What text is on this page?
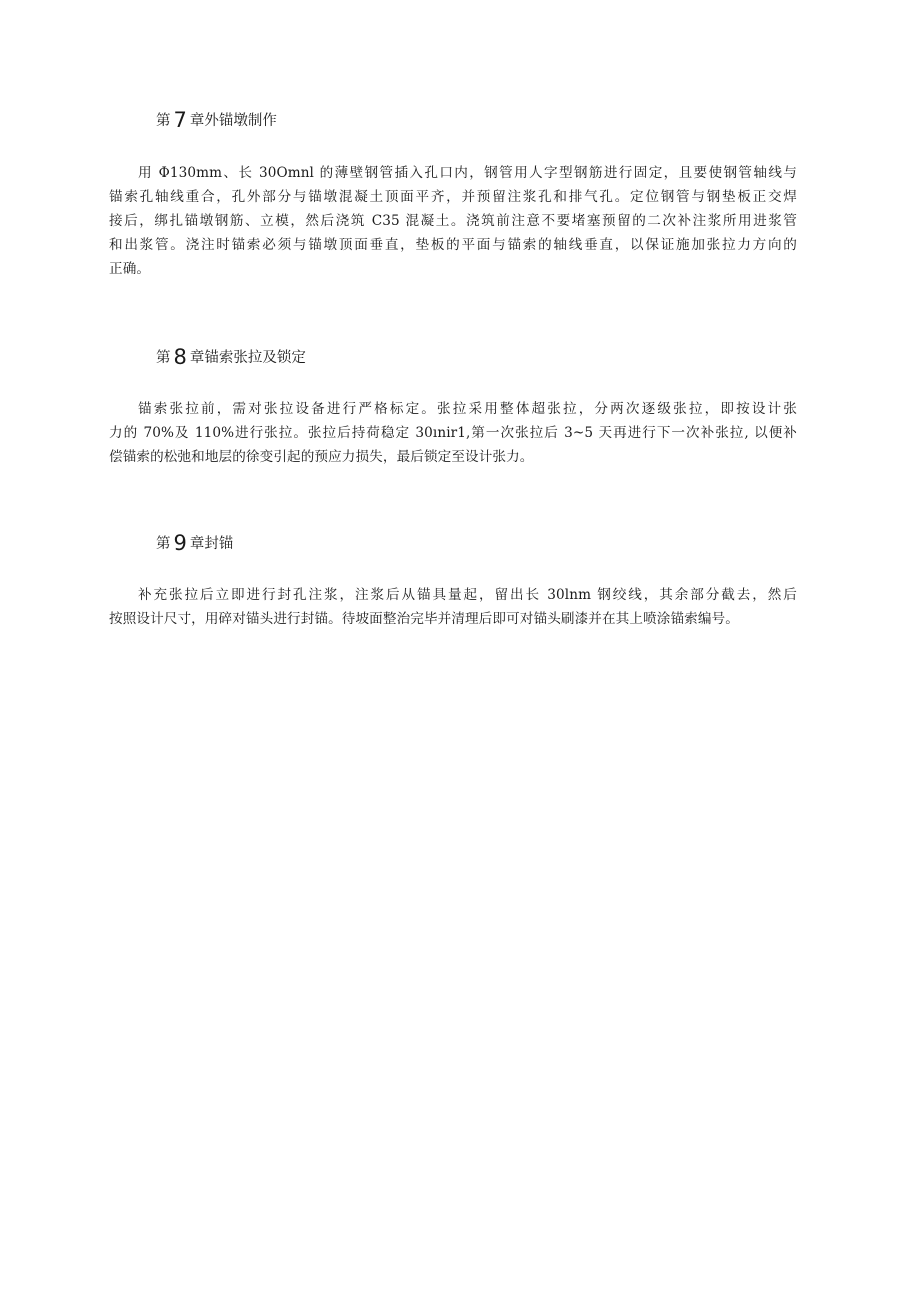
第 7 章外锚墩制作
用 Φ130mm、长 30Omnl 的薄壁钢管插入孔口内，钢管用人字型钢筋进行固定，且要使钢管轴线与
锚索孔轴线重合，孔外部分与锚墩混凝土顶面平齐，并预留注浆孔和排气孔。定位钢管与钢垫板正交焊
接后，绑扎锚墩钢筋、立模，然后浇筑 C35 混凝土。浇筑前注意不要堵塞预留的二次补注浆所用进浆管
和出浆管。浇注时锚索必须与锚墩顶面垂直，垫板的平面与锚索的轴线垂直，以保证施加张拉力方向的
正确。
第 8 章锚索张拉及锁定
锚索张拉前，需对张拉设备进行严格标定。张拉采用整体超张拉，分两次逐级张拉，即按设计张
力的 70%及 110%进行张拉。张拉后持荷稳定 30ınir1,第一次张拉后 3~5 天再进行下一次补张拉, 以便补
偿锚索的松弛和地层的徐变引起的预应力损失，最后锁定至设计张力。
第 9 章封锚
补充张拉后立即进行封孔注浆，注浆后从锚具量起，留出长 30lnm 钢绞线，其余部分截去，然后
按照设计尺寸，用碎对锚头进行封锚。待坡面整治完毕并清理后即可对锚头刷漆并在其上喷涂锚索编号。
